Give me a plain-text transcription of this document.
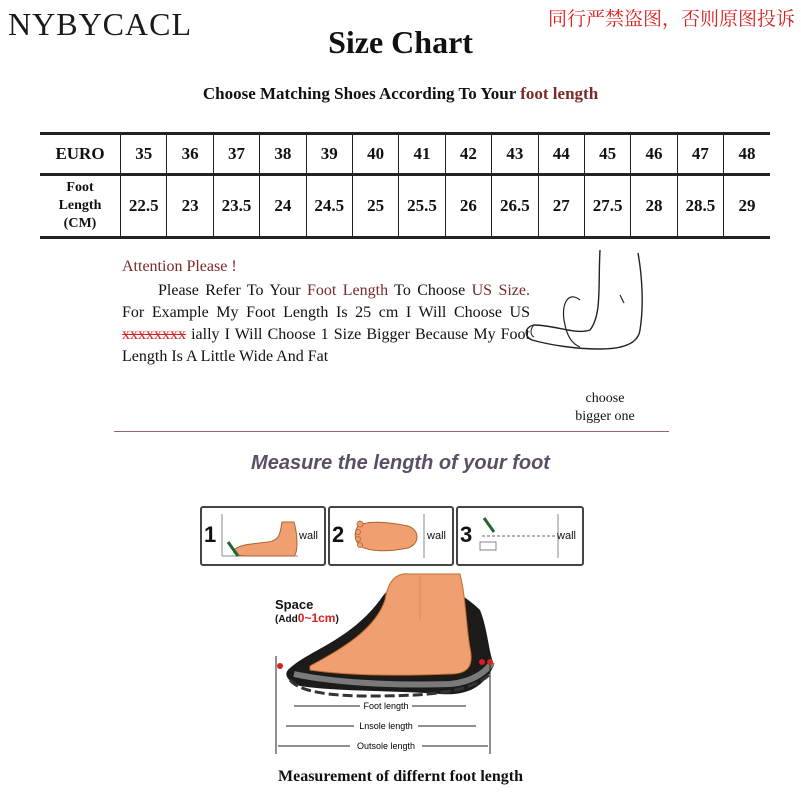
NYBYCACL	同行严禁盗图，否则原图投诉
Size Chart
Choose Matching Shoes According To Your foot length
EURO	35	36	37	38	39	40	41	42	43	44	45	46	47	48

Foot
Length
(CM)	22.5	23	23.5	24	24.5	25	25.5	26	26.5	27	27.5	28	28.5	29
Attention Please !
Please Refer To Your Foot Length To Choose US Size. For Example My Foot Length Is 25 cm I Will Choose US xxxxxxxx ially I Will Choose 1 Size Bigger Because My Foot Length Is A Little Wide And Fat
choose
bigger one
Measure the length of your foot
1	wall 2	wall 3	wall
Foot length
Lnsole length
Outsole length
Space
(Add0~1cm)
Measurement of differnt foot length
